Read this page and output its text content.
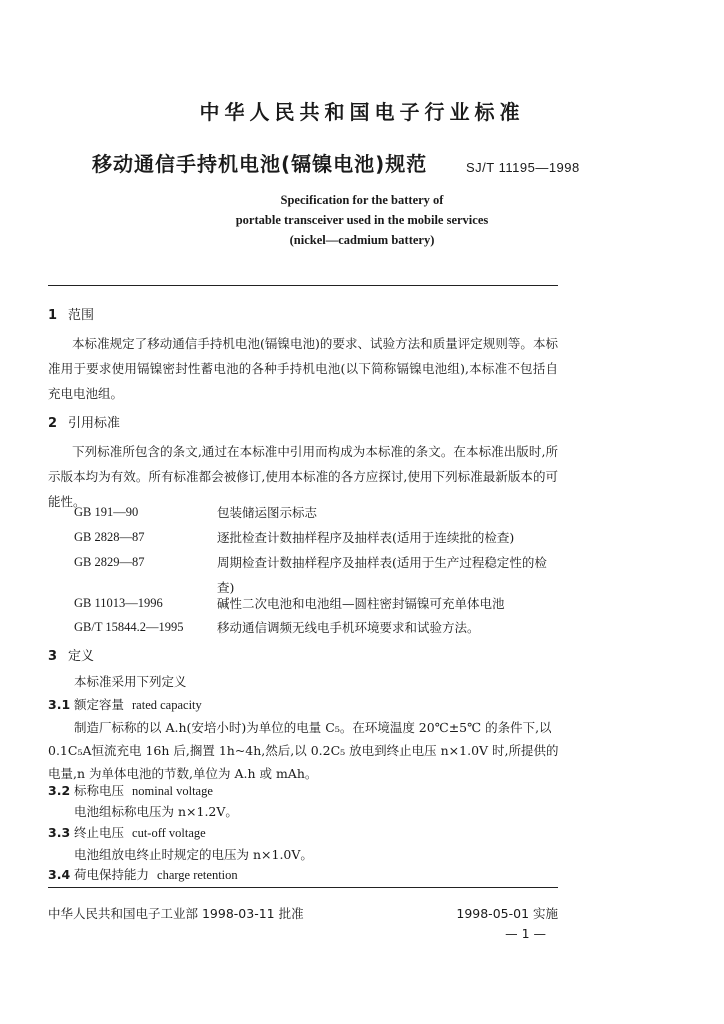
中华人民共和国电子行业标准
移动通信手持机电池(镉镍电池)规范	SJ/T 11195—1998
Specification for the battery of
portable transceiver used in the mobile services
(nickel—cadmium battery)
1 范围
本标准规定了移动通信手持机电池(镉镍电池)的要求、试验方法和质量评定规则等。本标准用于要求使用镉镍密封性蓄电池的各种手持机电池(以下简称镉镍电池组),本标准不包括自充电电池组。
2 引用标准
下列标准所包含的条文,通过在本标准中引用而构成为本标准的条文。在本标准出版时,所示版本均为有效。所有标准都会被修订,使用本标准的各方应探讨,使用下列标准最新版本的可能性。
GB 191—90	包装储运图示标志
GB 2828—87	逐批检查计数抽样程序及抽样表(适用于连续批的检查)
GB 2829—87	周期检查计数抽样程序及抽样表(适用于生产过程稳定性的检查)
GB 11013—1996	碱性二次电池和电池组—圆柱密封镉镍可充单体电池
GB/T 15844.2—1995	移动通信调频无线电手机环境要求和试验方法。
3 定义
本标准采用下列定义
3.1 额定容量 rated capacity
制造厂标称的以 A.h(安培小时)为单位的电量 C₅。在环境温度 20℃±5℃ 的条件下,以
0.1C₅A恒流充电 16h 后,搁置 1h~4h,然后,以 0.2C₅ 放电到终止电压 n×1.0V 时,所提供的
电量,n 为单体电池的节数,单位为 A.h 或 mAh。
3.2 标称电压 nominal voltage
电池组标称电压为 n×1.2V。
3.3 终止电压 cut-off voltage
电池组放电终止时规定的电压为 n×1.0V。
3.4 荷电保持能力 charge retention
中华人民共和国电子工业部 1998-03-11 批准	1998-05-01 实施
— 1 —
